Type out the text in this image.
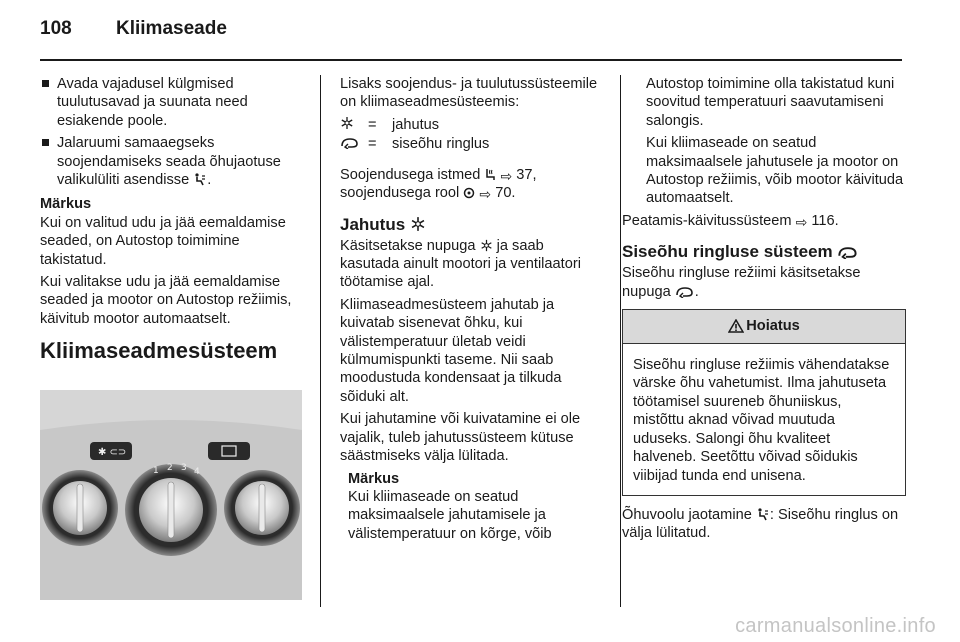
108	Kliimaseade
Avada vajadusel külgmised tuulutusavad ja suunata need esiakende poole.
Jalaruumi samaaegseks soojendamiseks seada õhujaotuse valikulüliti asendisse .
Märkus

Kui on valitud udu ja jää eemaldamise seaded, on Autostop toimimine takistatud.

Kui valitakse udu ja jää eemaldamise seaded ja mootor on Autostop režiimis, käivitub mootor automaatselt.

Kliimaseadmesüsteem
✱ ⊂⊃
1 2 3 4

Lisaks soojendus- ja tuulutussüsteemile on kliimaseadmesüsteemis:

=	jahutus
=	siseõhu ringlus

Soojendusega istmed ⇨ 37,
soojendusega rool ⇨ 70.

Jahutus

Käsitsetakse nupuga ja saab kasutada ainult mootori ja ventilaatori töötamise ajal.

Kliimaseadmesüsteem jahutab ja kuivatab sisenevat õhku, kui välistemperatuur ületab veidi külmumispunkti taseme. Nii saab moodustuda kondensaat ja tilkuda sõiduki alt.

Kui jahutamine või kuivatamine ei ole vajalik, tuleb jahutussüsteem kütuse säästmiseks välja lülitada.

Märkus

Kui kliimaseade on seatud maksimaalsele jahutamisele ja välistemperatuur on kõrge, võib

Autostop toimimine olla takistatud kuni soovitud temperatuuri saavutamiseni salongis.

Kui kliimaseade on seatud maksimaalsele jahutusele ja mootor on Autostop režiimis, võib mootor käivituda automaatselt.

Peatamis-käivitussüsteem ⇨ 116.

Siseõhu ringluse süsteem

Siseõhu ringluse režiimi käsitsetakse nupuga .

Hoiatus
Siseõhu ringluse režiimis vähendatakse värske õhu vahetumist. Ilma jahutuseta töötamisel suureneb õhuniiskus, mistõttu aknad võivad muutuda uduseks. Salongi õhu kvaliteet halveneb. Seetõttu võivad sõidukis viibijad tunda end unisena.

Õhuvoolu jaotamine : Siseõhu ringlus on välja lülitatud.

carmanualsonline.info
